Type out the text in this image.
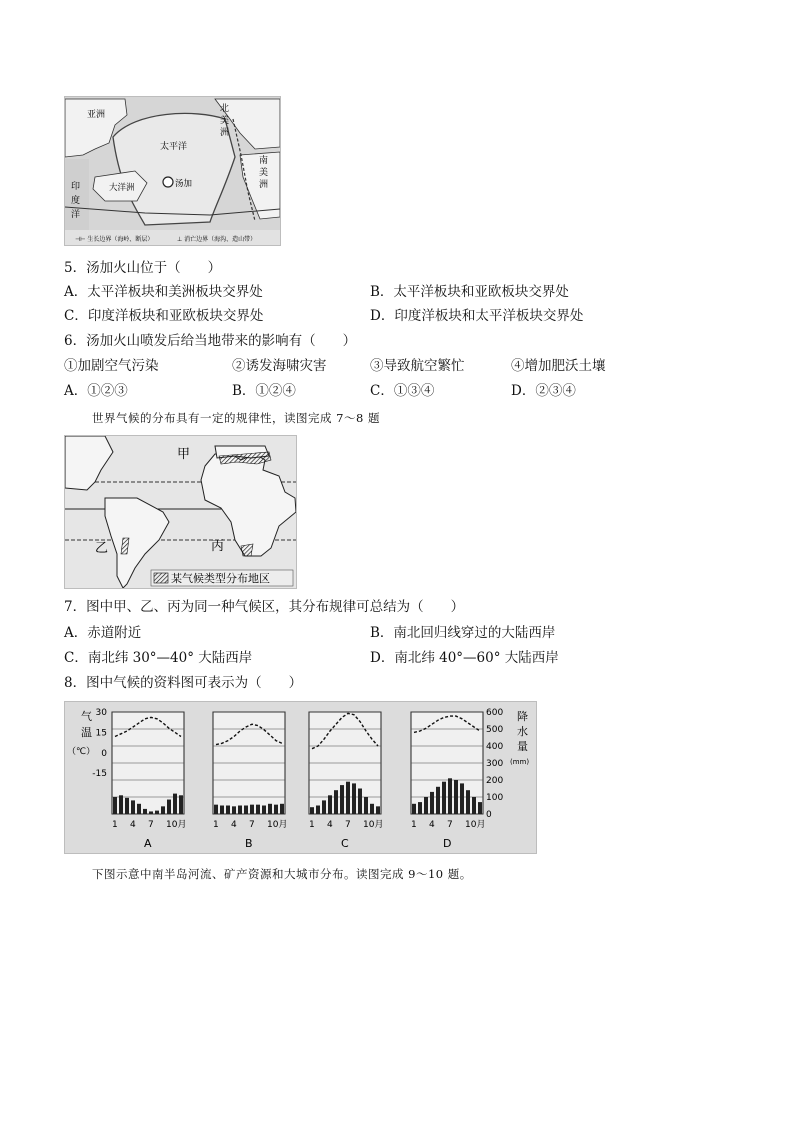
亚洲
太平洋
汤加
大洋洲
北
美
洲
南
美
洲
印
度
洋
⊣⊢ 生长边界（海岭、断层）	⊥ 消亡边界（海沟、造山带）
5．汤加火山位于（　　）
A．太平洋板块和美洲板块交界处	B．太平洋板块和亚欧板块交界处
C．印度洋板块和亚欧板块交界处	D．印度洋板块和太平洋板块交界处
6．汤加火山喷发后给当地带来的影响有（　　）
①加剧空气污染	②诱发海啸灾害	③导致航空繁忙	④增加肥沃土壤
A．①②③	B．①②④	C．①③④	D．②③④
世界气候的分布具有一定的规律性，读图完成 7～8 题
甲
乙	丙
某气候类型分布地区
7．图中甲、乙、丙为同一种气候区，其分布规律可总结为（　　）
A．赤道附近	B．南北回归线穿过的大陆西岸
C．南北纬 30°—40° 大陆西岸	D．南北纬 40°—60° 大陆西岸
8．图中气候的资料图可表示为（　　）
气
温
（℃）
30
15
0
-15
降
水
量
(mm)
600
500
400
300
200
100
0
1 4 7 10月
A
1 4 7 10月
B
1 4 7 10月
C
1 4 7 10月
D
下图示意中南半岛河流、矿产资源和大城市分布。读图完成 9～10 题。
